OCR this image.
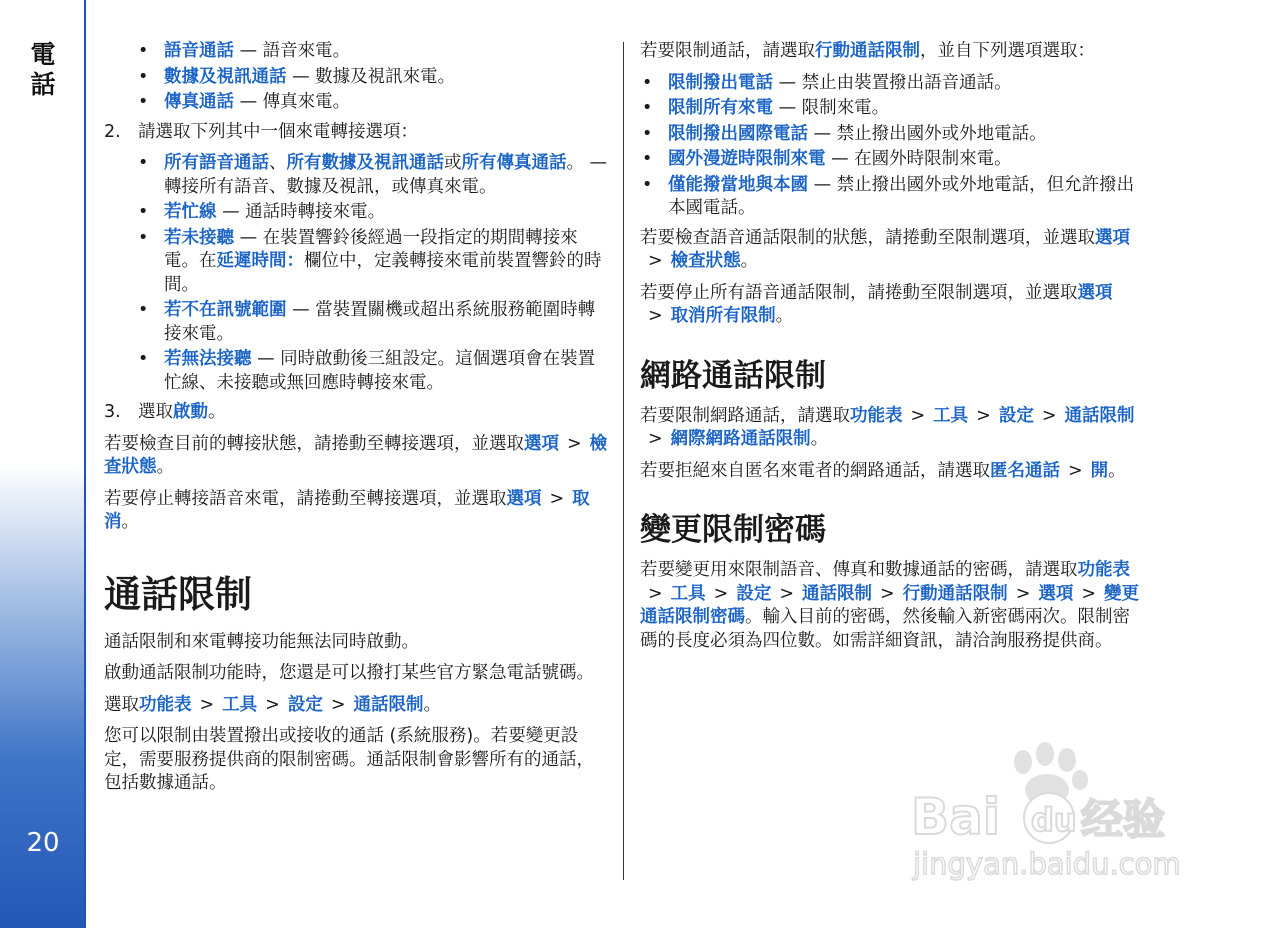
電話
20
• 語音通話 — 語音來電。
• 數據及視訊通話 — 數據及視訊來電。
• 傳真通話 — 傳真來電。
2. 請選取下列其中一個來電轉接選項：
• 所有語音通話、所有數據及視訊通話或所有傳真通話。 — 轉接所有語音、數據及視訊，或傳真來電。
• 若忙線 — 通話時轉接來電。
• 若未接聽 — 在裝置響鈴後經過一段指定的期間轉接來電。在延遲時間：欄位中，定義轉接來電前裝置響鈴的時間。
• 若不在訊號範圍 — 當裝置關機或超出系統服務範圍時轉接來電。
• 若無法接聽 — 同時啟動後三組設定。這個選項會在裝置忙線、未接聽或無回應時轉接來電。
3. 選取啟動。

若要檢查目前的轉接狀態，請捲動至轉接選項，並選取選項 > 檢查狀態。

若要停止轉接語音來電，請捲動至轉接選項，並選取選項 > 取消。

通話限制

通話限制和來電轉接功能無法同時啟動。

啟動通話限制功能時，您還是可以撥打某些官方緊急電話號碼。

選取功能表 > 工具 > 設定 > 通話限制。

您可以限制由裝置撥出或接收的通話 (系統服務)。若要變更設定，需要服務提供商的限制密碼。通話限制會影響所有的通話，包括數據通話。

若要限制通話，請選取行動通話限制，並自下列選項選取：

• 限制撥出電話 — 禁止由裝置撥出語音通話。
• 限制所有來電 — 限制來電。
• 限制撥出國際電話 — 禁止撥出國外或外地電話。
• 國外漫遊時限制來電 — 在國外時限制來電。
• 僅能撥當地與本國 — 禁止撥出國外或外地電話，但允許撥出本國電話。

若要檢查語音通話限制的狀態，請捲動至限制選項，並選取選項> 檢查狀態。

若要停止所有語音通話限制，請捲動至限制選項，並選取選項> 取消所有限制。

網路通話限制

若要限制網路通話，請選取功能表 > 工具 > 設定 > 通話限制> 網際網路通話限制。

若要拒絕來自匿名來電者的網路通話，請選取匿名通話 > 開。

變更限制密碼

若要變更用來限制語音、傳真和數據通話的密碼，請選取功能表> 工具 > 設定 > 通話限制 > 行動通話限制 > 選項 > 變更通話限制密碼。輸入目前的密碼，然後輸入新密碼兩次。限制密碼的長度必須為四位數。如需詳細資訊，請洽詢服務提供商。

Bai du 经验
jingyan.baidu.com
